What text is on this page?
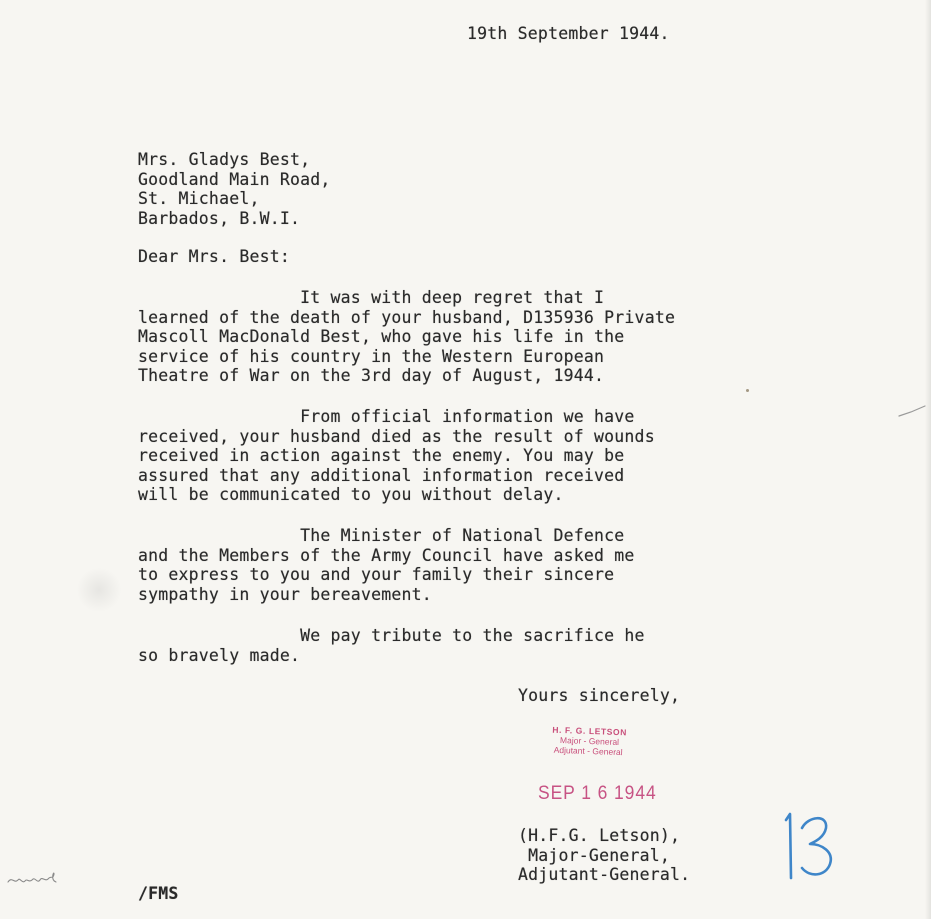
19th September 1944.

Mrs. Gladys Best,
Goodland Main Road,
St. Michael,
Barbados, B.W.I.

Dear Mrs. Best:

It was with deep regret that I
learned of the death of your husband, D135936 Private
Mascoll MacDonald Best, who gave his life in the
service of his country in the Western European
Theatre of War on the 3rd day of August, 1944.
From official information we have
received, your husband died as the result of wounds
received in action against the enemy. You may be
assured that any additional information received
will be communicated to you without delay.
The Minister of National Defence
and the Members of the Army Council have asked me
to express to you and your family their sincere
sympathy in your bereavement.
We pay tribute to the sacrifice he
so bravely made.

Yours sincerely,

H. F. G. LETSON
Major - General
Adjutant - General
SEP 1 6 1944
(H.F.G. Letson),
Major-General,
Adjutant-General.

/FMS
